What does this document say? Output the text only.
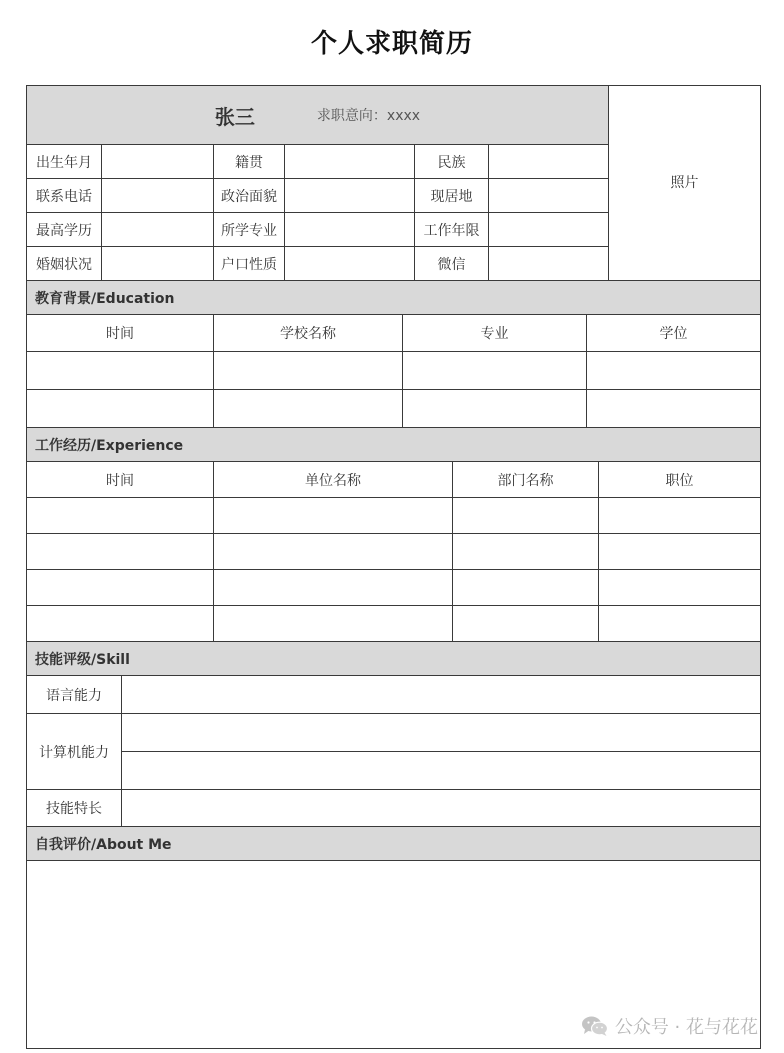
个人求职简历
张三	求职意向：xxxx
照片
出生年月	籍贯	民族
联系电话	政治面貌	现居地
最高学历	所学专业	工作年限
婚姻状况	户口性质	微信
教育背景/Education
时间	学校名称	专业	学位
工作经历/Experience
时间	单位名称	部门名称	职位
技能评级/Skill
语言能力
计算机能力
技能特长
自我评价/About Me
公众号 · 花与花花
